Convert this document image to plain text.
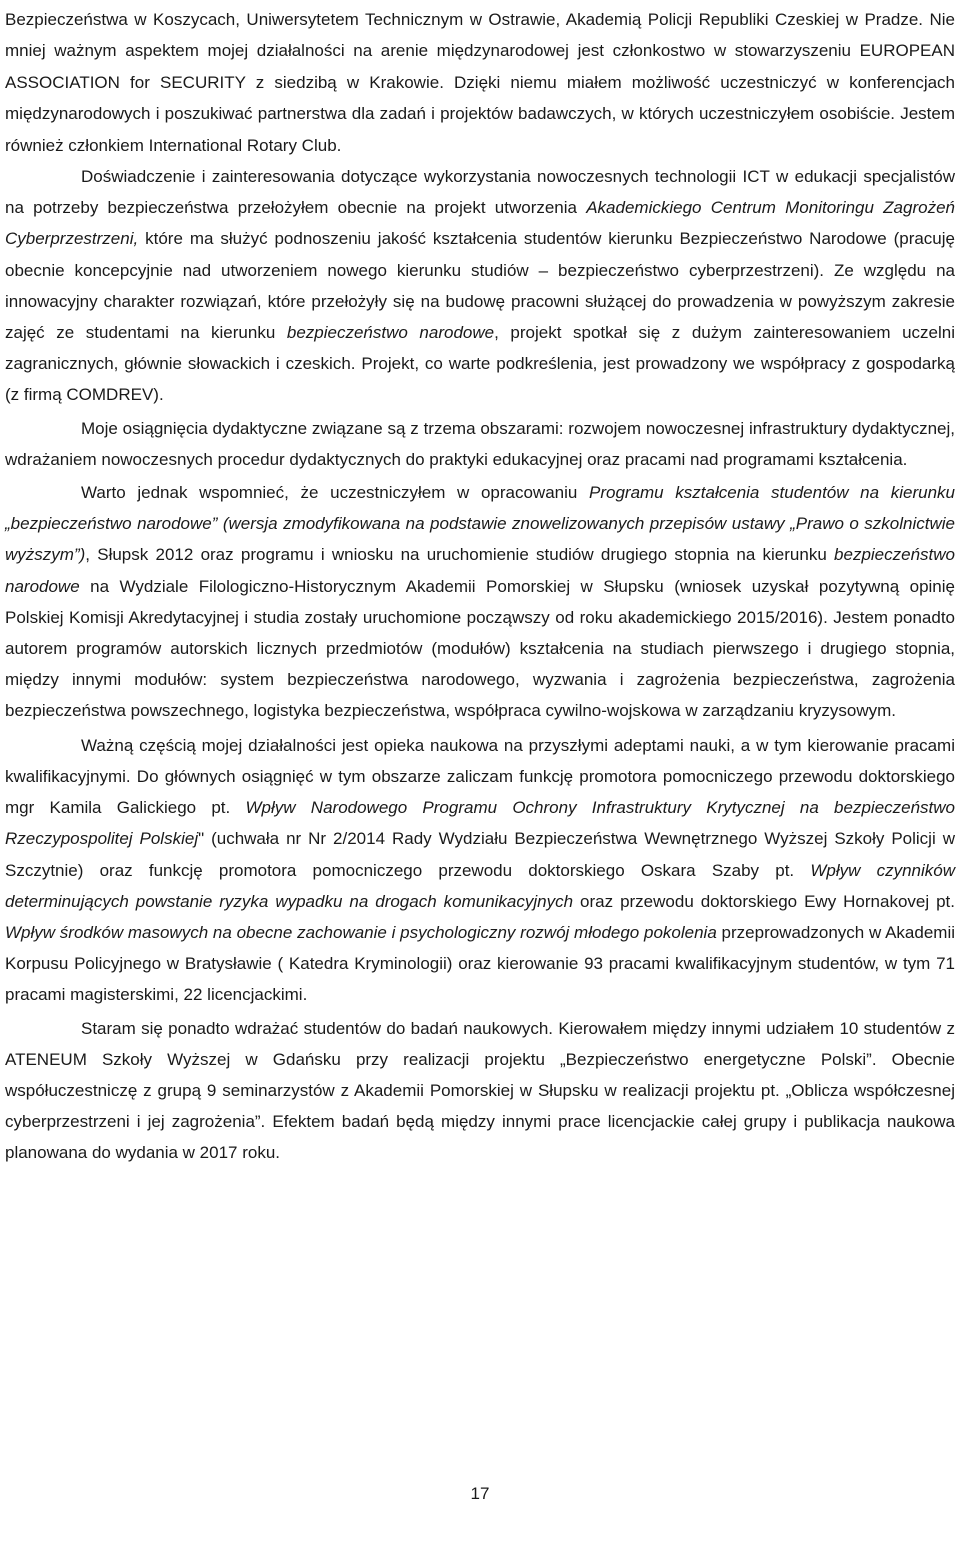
Bezpieczeństwa w Koszycach, Uniwersytetem Technicznym w Ostrawie, Akademią Policji Republiki Czeskiej w Pradze. Nie mniej ważnym aspektem mojej działalności na arenie międzynarodowej jest członkostwo w stowarzyszeniu EUROPEAN ASSOCIATION for SECURITY z siedzibą w Krakowie. Dzięki niemu miałem możliwość uczestniczyć w konferencjach międzynarodowych i poszukiwać partnerstwa dla zadań i projektów badawczych, w których uczestniczyłem osobiście. Jestem również członkiem International Rotary Club.

Doświadczenie i zainteresowania dotyczące wykorzystania nowoczesnych technologii ICT w edukacji specjalistów na potrzeby bezpieczeństwa przełożyłem obecnie na projekt utworzenia Akademickiego Centrum Monitoringu Zagrożeń Cyberprzestrzeni, które ma służyć podnoszeniu jakość kształcenia studentów kierunku Bezpieczeństwo Narodowe (pracuję obecnie koncepcyjnie nad utworzeniem nowego kierunku studiów – bezpieczeństwo cyberprzestrzeni). Ze względu na innowacyjny charakter rozwiązań, które przełożyły się na budowę pracowni służącej do prowadzenia w powyższym zakresie zajęć ze studentami na kierunku bezpieczeństwo narodowe, projekt spotkał się z dużym zainteresowaniem uczelni zagranicznych, głównie słowackich i czeskich. Projekt, co warte podkreślenia, jest prowadzony we współpracy z gospodarką (z firmą COMDREV).

Moje osiągnięcia dydaktyczne związane są z trzema obszarami: rozwojem nowoczesnej infrastruktury dydaktycznej, wdrażaniem nowoczesnych procedur dydaktycznych do praktyki edukacyjnej oraz pracami nad programami kształcenia.

Warto jednak wspomnieć, że uczestniczyłem w opracowaniu Programu kształcenia studentów na kierunku „bezpieczeństwo narodowe” (wersja zmodyfikowana na podstawie znowelizowanych przepisów ustawy „Prawo o szkolnictwie wyższym”), Słupsk 2012 oraz programu i wniosku na uruchomienie studiów drugiego stopnia na kierunku bezpieczeństwo narodowe na Wydziale Filologiczno-Historycznym Akademii Pomorskiej w Słupsku (wniosek uzyskał pozytywną opinię Polskiej Komisji Akredytacyjnej i studia zostały uruchomione począwszy od roku akademickiego 2015/2016). Jestem ponadto autorem programów autorskich licznych przedmiotów (modułów) kształcenia na studiach pierwszego i drugiego stopnia, między innymi modułów: system bezpieczeństwa narodowego, wyzwania i zagrożenia bezpieczeństwa, zagrożenia bezpieczeństwa powszechnego, logistyka bezpieczeństwa, współpraca cywilno-wojskowa w zarządzaniu kryzysowym.

Ważną częścią mojej działalności jest opieka naukowa na przyszłymi adeptami nauki, a w tym kierowanie pracami kwalifikacyjnymi. Do głównych osiągnięć w tym obszarze zaliczam funkcję promotora pomocniczego przewodu doktorskiego mgr Kamila Galickiego pt. Wpływ Narodowego Programu Ochrony Infrastruktury Krytycznej na bezpieczeństwo Rzeczypospolitej Polskiej" (uchwała nr Nr 2/2014 Rady Wydziału Bezpieczeństwa Wewnętrznego Wyższej Szkoły Policji w Szczytnie) oraz funkcję promotora pomocniczego przewodu doktorskiego Oskara Szaby pt. Wpływ czynników determinujących powstanie ryzyka wypadku na drogach komunikacyjnych oraz przewodu doktorskiego Ewy Hornakovej pt. Wpływ środków masowych na obecne zachowanie i psychologiczny rozwój młodego pokolenia przeprowadzonych w Akademii Korpusu Policyjnego w Bratysławie ( Katedra Kryminologii) oraz kierowanie 93 pracami kwalifikacyjnym studentów, w tym 71 pracami magisterskimi, 22 licencjackimi.

Staram się ponadto wdrażać studentów do badań naukowych. Kierowałem między innymi udziałem 10 studentów z ATENEUM Szkoły Wyższej w Gdańsku przy realizacji projektu „Bezpieczeństwo energetyczne Polski”. Obecnie współuczestniczę z grupą 9 seminarzystów z Akademii Pomorskiej w Słupsku w realizacji projektu pt. „Oblicza współczesnej cyberprzestrzeni i jej zagrożenia”. Efektem badań będą między innymi prace licencjackie całej grupy i publikacja naukowa planowana do wydania w 2017 roku.

17
